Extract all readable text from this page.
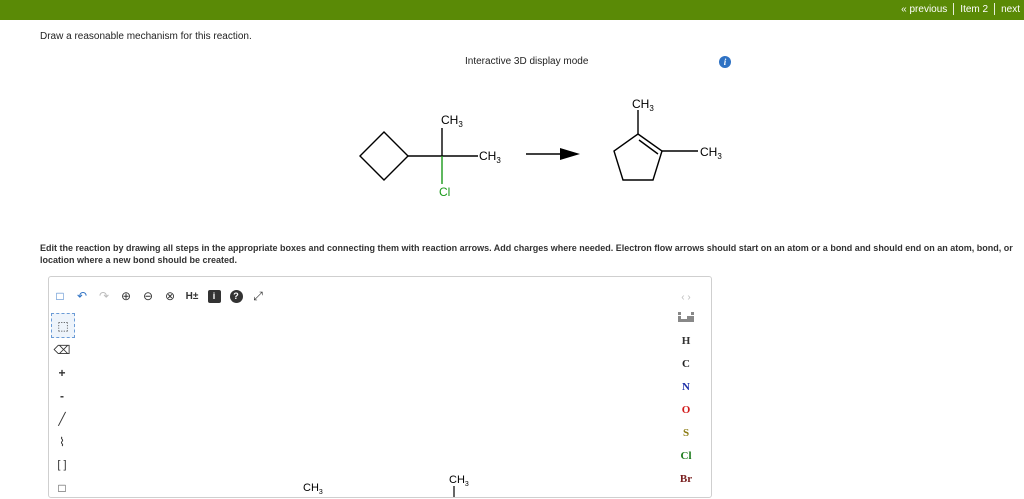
« previous Item 2 next
Draw a reasonable mechanism for this reaction.
Interactive 3D display mode	i
$CH_3$
$CH_3$
Cl
$CH_3$
$CH_3$
Edit the reaction by drawing all steps in the appropriate boxes and connecting them with reaction arrows. Add charges where needed. Electron flow arrows should start on an atom or a bond and should end on an atom, bond, or location where a new bond should be created.
□	↶ ↷ ⊕ ⊖ ⊗	H±	i	?	⤢
⬚
⌫
+
-
╱
⌇
[ ]
□
‹ ›
H
C
N
O
S
Cl
Br
$CH_3$
$CH_3$
